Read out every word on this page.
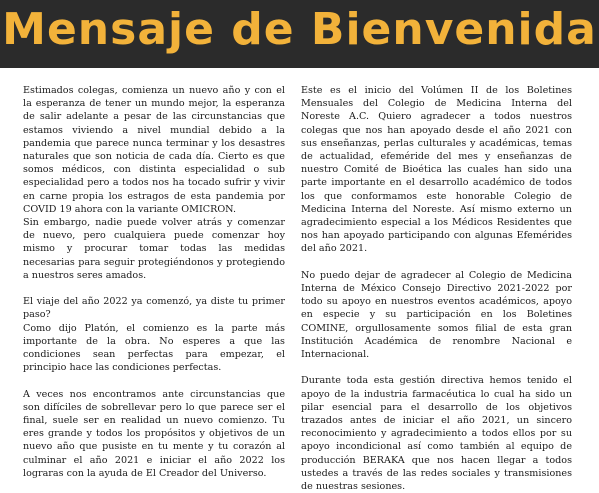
Mensaje de Bienvenida

Estimados colegas, comienza un nuevo año y con el la esperanza de tener un mundo mejor, la esperanza de salir adelante a pesar de las circunstancias que estamos viviendo a nivel mundial debido a la pandemia que parece nunca terminar y los desastres naturales que son noticia de cada día. Cierto es que somos médicos, con distinta especialidad o sub especialidad pero a todos nos ha tocado sufrir y vivir en carne propia los estragos de esta pandemia por COVID 19 ahora con la variante OMICRON.

Sin embargo, nadie puede volver atrás y comenzar de nuevo, pero cualquiera puede comenzar hoy mismo y procurar tomar todas las medidas necesarias para seguir protegiéndonos y protegiendo a nuestros seres amados.

El viaje del año 2022 ya comenzó, ya diste tu primer paso?

Como dijo Platón, el comienzo es la parte más importante de la obra. No esperes a que las condiciones sean perfectas para empezar, el principio hace las condiciones perfectas.

A veces nos encontramos ante circunstancias que son difíciles de sobrellevar pero lo que parece ser el final, suele ser en realidad un nuevo comienzo. Tu eres grande y todos los propósitos y objetivos de un nuevo año que pusiste en tu mente y tu corazón al culminar el año 2021 e iniciar el año 2022 los lograras con la ayuda de El Creador del Universo.

Este es el inicio del Volúmen II de los Boletines Mensuales del Colegio de Medicina Interna del Noreste A.C. Quiero agradecer a todos nuestros colegas que nos han apoyado desde el año 2021 con sus enseñanzas, perlas culturales y académicas, temas de actualidad, efeméride del mes y enseñanzas de nuestro Comité de Bioética las cuales han sido una parte importante en el desarrollo académico de todos los que conformamos este honorable Colegio de Medicina Interna del Noreste. Así mismo externo un agradecimiento especial a los Médicos Residentes que nos han apoyado participando con algunas Efemérides del año 2021.

No puedo dejar de agradecer al Colegio de Medicina Interna de México Consejo Directivo 2021-2022 por todo su apoyo en nuestros eventos académicos, apoyo en especie y su participación en los Boletines COMINE, orgullosamente somos filial de esta gran Institución Académica de renombre Nacional e Internacional.

Durante toda esta gestión directiva hemos tenido el apoyo de la industria farmacéutica lo cual ha sido un pilar esencial para el desarrollo de los objetivos trazados antes de iniciar el año 2021, un sincero reconocimiento y agradecimiento a todos ellos por su apoyo incondicional así como también al equipo de producción BERAKA que nos hacen llegar a todos ustedes a través de las redes sociales y transmisiones de nuestras sesiones.
